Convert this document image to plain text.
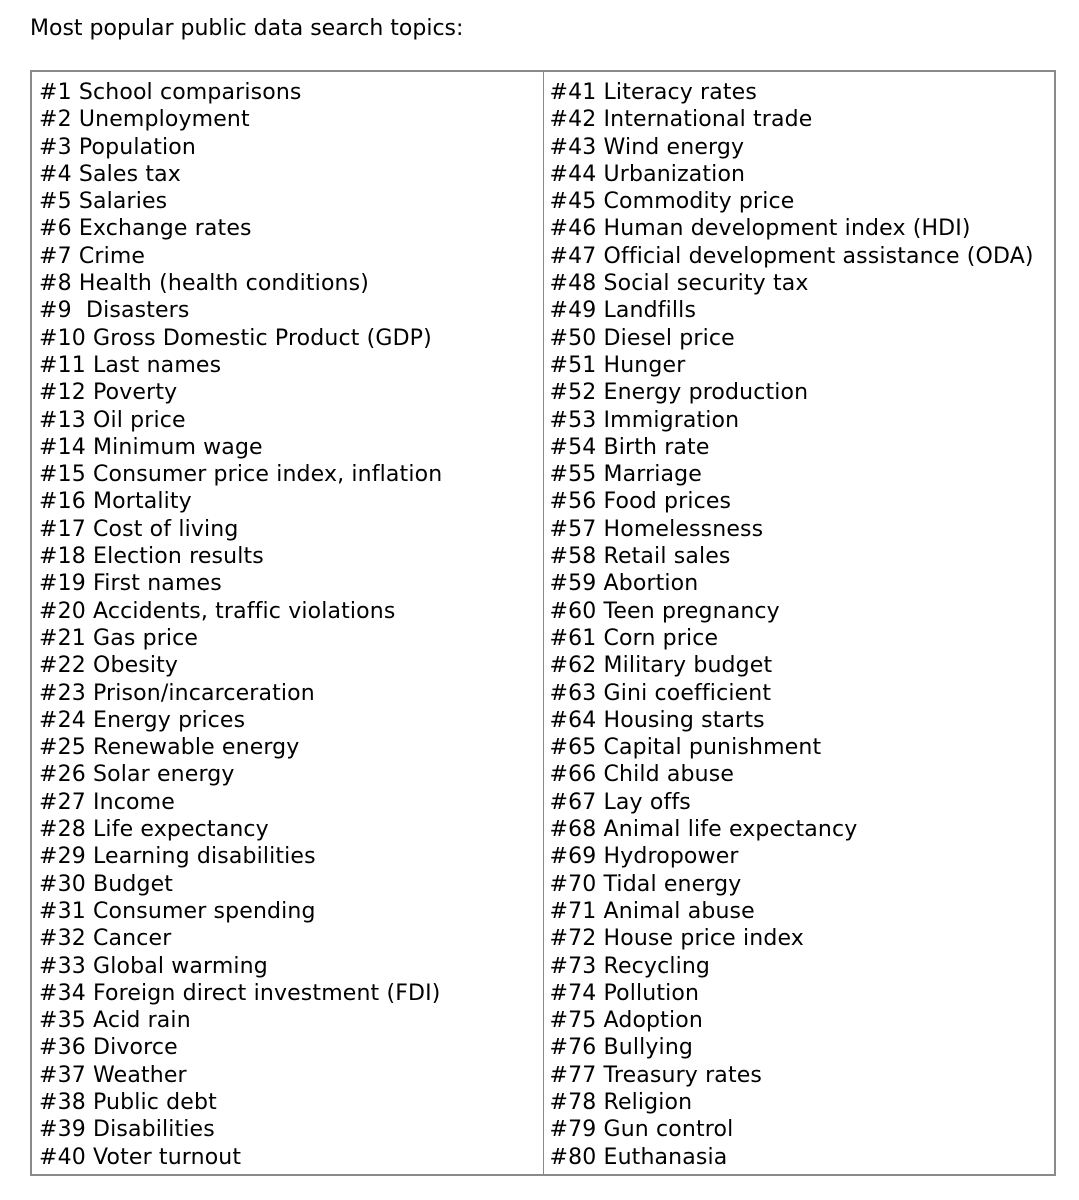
Most popular public data search topics:
#1 School comparisons
#2 Unemployment
#3 Population
#4 Sales tax
#5 Salaries
#6 Exchange rates
#7 Crime
#8 Health (health conditions)
#9  Disasters
#10 Gross Domestic Product (GDP)
#11 Last names
#12 Poverty
#13 Oil price
#14 Minimum wage
#15 Consumer price index, inflation
#16 Mortality
#17 Cost of living
#18 Election results
#19 First names
#20 Accidents, traffic violations
#21 Gas price
#22 Obesity
#23 Prison/incarceration
#24 Energy prices
#25 Renewable energy
#26 Solar energy
#27 Income
#28 Life expectancy
#29 Learning disabilities
#30 Budget
#31 Consumer spending
#32 Cancer
#33 Global warming
#34 Foreign direct investment (FDI)
#35 Acid rain
#36 Divorce
#37 Weather
#38 Public debt
#39 Disabilities
#40 Voter turnout

#41 Literacy rates
#42 International trade
#43 Wind energy
#44 Urbanization
#45 Commodity price
#46 Human development index (HDI)
#47 Official development assistance (ODA)
#48 Social security tax
#49 Landfills
#50 Diesel price
#51 Hunger
#52 Energy production
#53 Immigration
#54 Birth rate
#55 Marriage
#56 Food prices
#57 Homelessness
#58 Retail sales
#59 Abortion
#60 Teen pregnancy
#61 Corn price
#62 Military budget
#63 Gini coefficient
#64 Housing starts
#65 Capital punishment
#66 Child abuse
#67 Lay offs
#68 Animal life expectancy
#69 Hydropower
#70 Tidal energy
#71 Animal abuse
#72 House price index
#73 Recycling
#74 Pollution
#75 Adoption
#76 Bullying
#77 Treasury rates
#78 Religion
#79 Gun control
#80 Euthanasia
